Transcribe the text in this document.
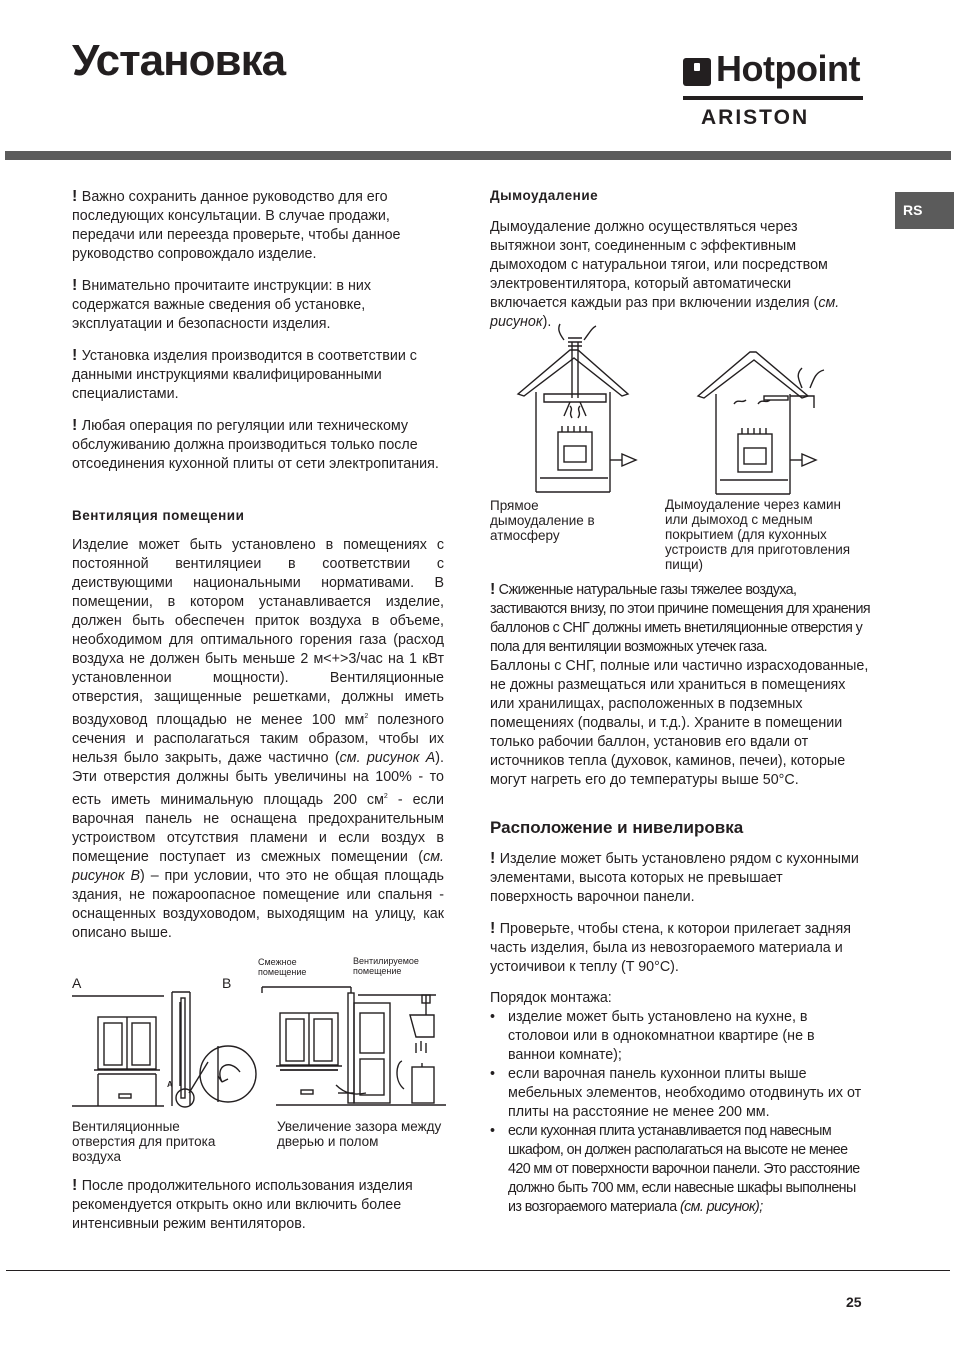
Установка	Hotpoint
ARISTON
RS

! Важно сохранить данное руководство для его последующих консультации. В случае продажи, передачи или переезда проверьте, чтобы данное руководство сопровождало изделие.

! Внимательно прочитаите инструкции: в них содержатся важные сведения об установке, эксплуатации и безопасности изделия.

! Установка изделия производится в соответствии с данными инструкциями квалифицированными специалистами.

! Любая операция по регуляции или техническому обслуживанию должна производиться только после отсоединения кухонной плиты от сети электропитания.

Вентиляция помещении

Изделие может быть установлено в помещениях с постоянной вентиляциеи в соответствии с деиствующими национальными нормативами. В помещении, в котором устанавливается изделие, должен быть обеспечен приток воздуха в объеме, необходимом для оптимального горения газа (расход воздуха не должен быть меньше 2 м<+>3/час на 1 кВт установленнои мощности). Вентиляционные отверстия, защищенные решетками, должны иметь воздуховод площадью не менее 100 $мм^2$ полезного сечения и располагаться таким образом, чтобы их нельзя было закрыть, даже частично (см. рисунок A). Эти отверстия должны быть увеличины на 100% - то есть иметь минимальную площадь 200 $см^2$ - если варочная панель не оснащена предохранительным устроиством отсутствия пламени и если воздух в помещение поступает из смежных помещении (см. рисунок B) – при условии, что это не общая площадь здания, не пожароопасное помещение или спальня - оснащенных воздуховодом, выходящим на улицу, как описано выше.

A	B
Смежное помещение
Вентилируемое помещение
A
Вентиляционные отверстия для притока воздуха
Увеличение зазора между дверью и полом

! После продолжительного использования изделия рекомендуется открыть окно или включить более интенсивныи режим вентиляторов.

Дымоудаление

Дымоудаление должно осуществляться через вытяжнои зонт, соединенным с эффективным дымоходом с натуральнои тягои, или посредством электровентилятора, который автоматически включается каждыи раз при включении изделия (см. рисунок).

Прямое дымоудаление в атмосферу
Дымоудаление через камин или дымоход с медным покрытием (для кухонных устроиств для приготовления пищи)

! Сжиженные натуральные газы тяжелее воздуха, застиваются внизу, по этои причине помещения для хранения баллонов с СНГ должны иметь внетиляционные отверстия у пола для вентиляции возможных утечек газа.

Баллоны с СНГ, полные или частично израсходованные, не дожны размещаться или храниться в помещениях или хранилищах, расположенных в подземных помещениях (подвалы, и т.д.). Храните в помещении только рабочии баллон, установив его вдали от источников тепла (духовок, каминов, печеи), которые могут нагреть его до температуры выше 50°C.

Расположение и нивелировка

! Изделие может быть установлено рядом с кухонными элементами, высота которых не превышает поверхность варочнои панели.

! Проверьте, чтобы стена, к которои прилегает задняя часть изделия, была из невозгораемого материала и устоичивои к теплу (T 90°C).

Порядок монтажа:

• изделие может быть установлено на кухне, в столовои или в однокомнатнои квартире (не в ваннои комнате);
• если варочная панель кухоннои плиты выше мебельных элементов, необходимо отодвинуть их от плиты на расстояние не менее 200 мм.
• если кухонная плита устанавливается под навесным шкафом, он должен располагаться на высоте не менее 420 мм от поверхности варочнои панели. Это расстояние должно быть 700 мм, если навесные шкафы выполнены из возгораемого материала (см. рисунок);
25
